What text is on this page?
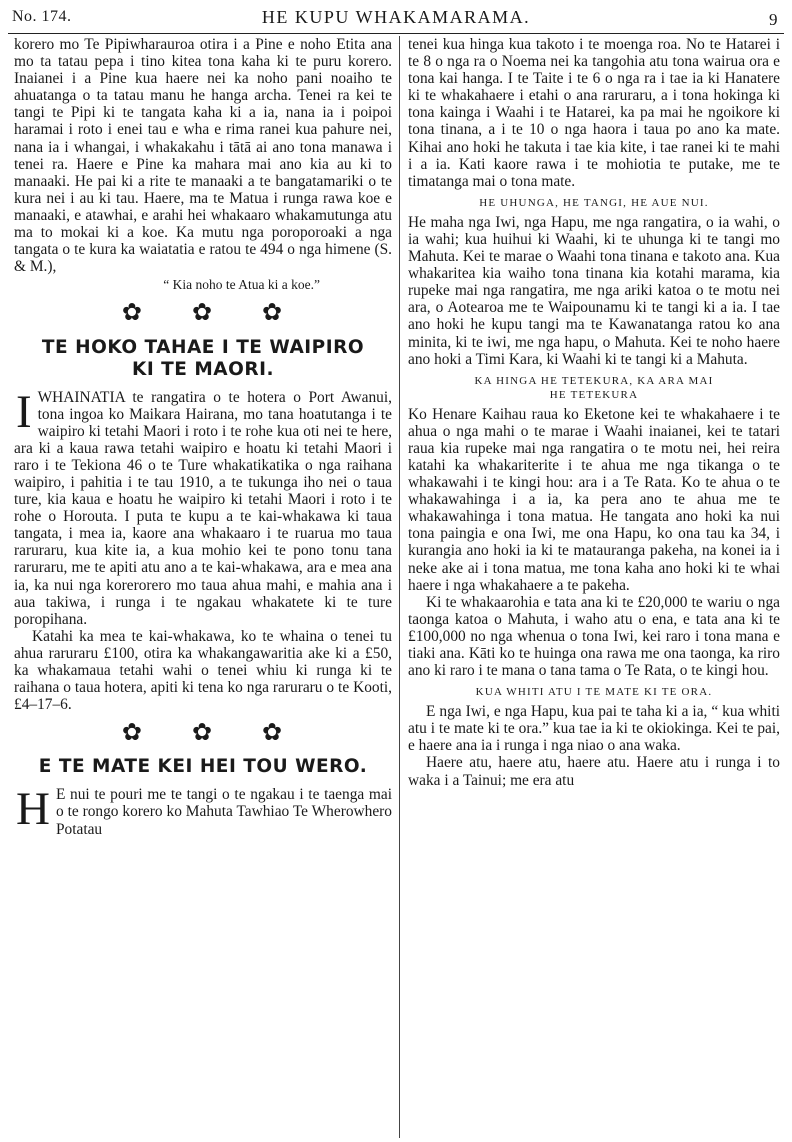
No. 174.	HE KUPU WHAKAMARAMA.	9

korero mo Te Pipiwharauroa otira i a Pine e noho Etita ana mo ta tatau pepa i tino kitea tona kaha ki te puru korero. Inaianei i a Pine kua haere nei ka noho pani noaiho te ahuatanga o ta tatau manu he hanga archa. Tenei ra kei te tangi te Pipi ki te tangata kaha ki a ia, nana ia i poipoi haramai i roto i enei tau e wha e rima ranei kua pahure nei, nana ia i whangai, i whakakahu i tātā ai ano tona manawa i tenei ra. Haere e Pine ka mahara mai ano kia au ki to manaaki. He pai ki a rite te manaaki a te bangatamariki o te kura nei i au ki tau. Haere, ma te Matua i runga rawa koe e manaaki, e atawhai, e arahi hei whakaaro whakamutunga atu ma to mokai ki a koe. Ka mutu nga poroporoaki a nga tangata o te kura ka waiatatia e ratou te 494 o nga himene (S. & M.),

“ Kia noho te Atua ki a koe.”

✿ ✿ ✿
TE HOKO TAHAE I TE WAIPIRO
KI TE MAORI.

IWHAINATIA te rangatira o te hotera o Port Awanui, tona ingoa ko Maikara Hairana, mo tana hoatutanga i te waipiro ki tetahi Maori i roto i te rohe kua oti nei te here, ara ki a kaua rawa tetahi waipiro e hoatu ki tetahi Maori i raro i te Tekiona 46 o te Ture whakatikatika o nga raihana waipiro, i pahitia i te tau 1910, a te tukunga iho nei o taua ture, kia kaua e hoatu he waipiro ki tetahi Maori i roto i te rohe o Horouta. I puta te kupu a te kai-whakawa ki taua tangata, i mea ia, kaore ana whakaaro i te ruarua mo taua raruraru, kua kite ia, a kua mohio kei te pono tonu tana raruraru, me te apiti atu ano a te kai-whakawa, ara e mea ana ia, ka nui nga korerorero mo taua ahua mahi, e mahia ana i aua takiwa, i runga i te ngakau whakatete ki te ture poropihana.

Katahi ka mea te kai-whakawa, ko te whaina o tenei tu ahua raruraru £100, otira ka whakangawaritia ake ki a £50, ka whakamaua tetahi wahi o tenei whiu ki runga ki te raihana o taua hotera, apiti ki tena ko nga raruraru o te Kooti, £4–17–6.

✿ ✿ ✿
E TE MATE KEI HEI TOU WERO.

H E nui te pouri me te tangi o te ngakau i te taenga mai o te rongo korero ko Mahuta Tawhiao Te Wherowhero Potatau

tenei kua hinga kua takoto i te moenga roa. No te Hatarei i te 8 o nga ra o Noema nei ka tangohia atu tona wairua ora e tona kai hanga. I te Taite i te 6 o nga ra i tae ia ki Hanatere ki te whakahaere i etahi o ana raruraru, a i tona hokinga ki tona kainga i Waahi i te Hatarei, ka pa mai he ngoikore ki tona tinana, a i te 10 o nga haora i taua po ano ka mate. Kihai ano hoki he takuta i tae kia kite, i tae ranei ki te mahi i a ia. Kati kaore rawa i te mohiotia te putake, me te timatanga mai o tona mate.

HE UHUNGA, HE TANGI, HE AUE NUI.

He maha nga Iwi, nga Hapu, me nga rangatira, o ia wahi, o ia wahi; kua huihui ki Waahi, ki te uhunga ki te tangi mo Mahuta. Kei te marae o Waahi tona tinana e takoto ana. Kua whakaritea kia waiho tona tinana kia kotahi marama, kia rupeke mai nga rangatira, me nga ariki katoa o te motu nei ara, o Aotearoa me te Waipounamu ki te tangi ki a ia. I tae ano hoki he kupu tangi ma te Kawanatanga ratou ko ana minita, ki te iwi, me nga hapu, o Mahuta. Kei te noho haere ano hoki a Timi Kara, ki Waahi ki te tangi ki a Mahuta.

KA HINGA HE TETEKURA, KA ARA MAI
HE TETEKURA

Ko Henare Kaihau raua ko Eketone kei te whakahaere i te ahua o nga mahi o te marae i Waahi inaianei, kei te tatari raua kia rupeke mai nga rangatira o te motu nei, hei reira katahi ka whakariterite i te ahua me nga tikanga o te whakawahi i te kingi hou: ara i a Te Rata. Ko te ahua o te whakawahinga i a ia, ka pera ano te ahua me te whakawahinga i tona matua. He tangata ano hoki ka nui tona paingia e ona Iwi, me ona Hapu, ko ona tau ka 34, i kurangia ano hoki ia ki te matauranga pakeha, na konei ia i neke ake ai i tona matua, me tona kaha ano hoki ki te whai haere i nga whakahaere a te pakeha.

Ki te whakaarohia e tata ana ki te £20,000 te wariu o nga taonga katoa o Mahuta, i waho atu o ena, e tata ana ki te £100,000 no nga whenua o tona Iwi, kei raro i tona mana e tiaki ana. Kāti ko te huinga ona rawa me ona taonga, ka riro ano ki raro i te mana o tana tama o Te Rata, o te kingi hou.

KUA WHITI ATU I TE MATE KI TE ORA.

E nga Iwi, e nga Hapu, kua pai te taha ki a ia, “ kua whiti atu i te mate ki te ora.” kua tae ia ki te okiokinga. Kei te pai, e haere ana ia i runga i nga niao o ana waka.

Haere atu, haere atu, haere atu. Haere atu i runga i to waka i a Tainui; me era atu
